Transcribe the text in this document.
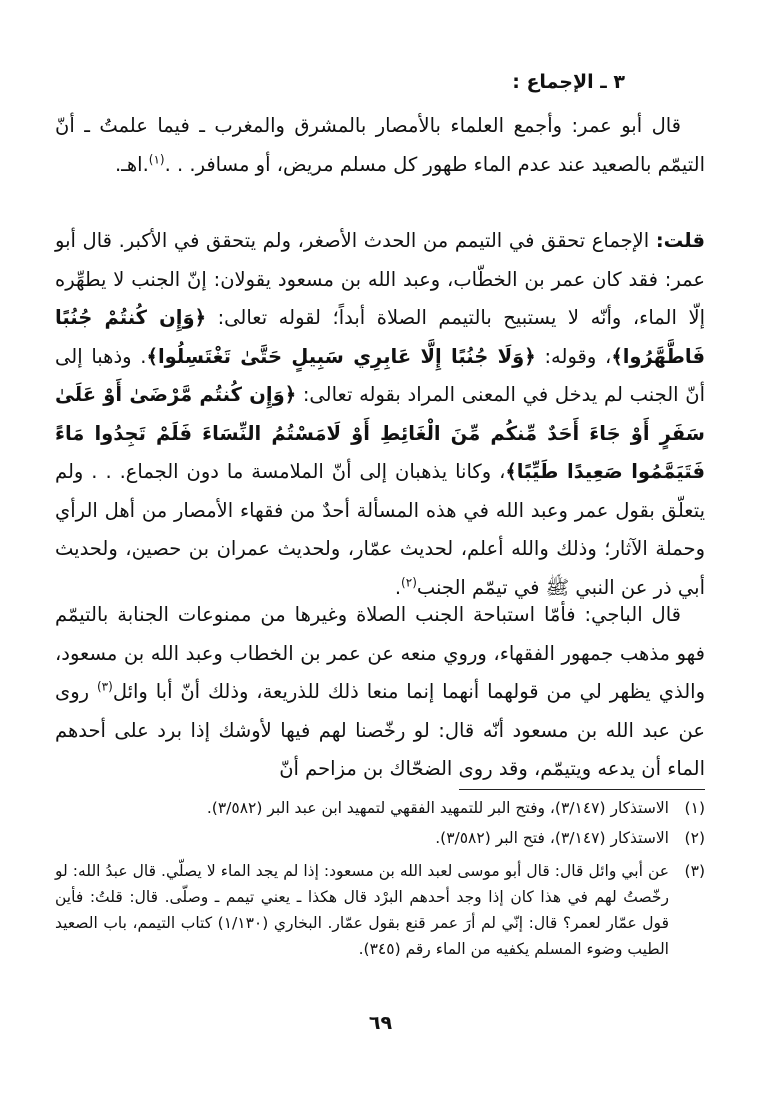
٣ ـ الإجماع :

قال أبو عمر: وأجمع العلماء بالأمصار بالمشرق والمغرب ـ فيما علمتُ ـ أنّ التيمّم بالصعيد عند عدم الماء طهور كل مسلم مريض، أو مسافر. . .$^{(١)}$.اهـ.

قلت: الإجماع تحقق في التيمم من الحدث الأصغر، ولم يتحقق في الأكبر. قال أبو عمر: فقد كان عمر بن الخطّاب، وعبد الله بن مسعود يقولان: إنّ الجنب لا يطهِّره إلّا الماء، وأنّه لا يستبيح بالتيمم الصلاة أبداً؛ لقوله تعالى: ﴿وَإِن كُنتُمْ جُنُبًا فَاطَّهَّرُوا﴾، وقوله: ﴿وَلَا جُنُبًا إِلَّا عَابِرِي سَبِيلٍ حَتَّىٰ تَغْتَسِلُوا﴾. وذهبا إلى أنّ الجنب لم يدخل في المعنى المراد بقوله تعالى: ﴿وَإِن كُنتُم مَّرْضَىٰ أَوْ عَلَىٰ سَفَرٍ أَوْ جَاءَ أَحَدٌ مِّنكُم مِّنَ الْغَائِطِ أَوْ لَامَسْتُمُ النِّسَاءَ فَلَمْ تَجِدُوا مَاءً فَتَيَمَّمُوا صَعِيدًا طَيِّبًا﴾، وكانا يذهبان إلى أنّ الملامسة ما دون الجماع. . . ولم يتعلّق بقول عمر وعبد الله في هذه المسألة أحدٌ من فقهاء الأمصار من أهل الرأي وحملة الآثار؛ وذلك والله أعلم، لحديث عمّار، ولحديث عمران بن حصين، ولحديث أبي ذر عن النبي ﷺ في تيمّم الجنب$^{(٢)}$.

قال الباجي: فأمّا استباحة الجنب الصلاة وغيرها من ممنوعات الجنابة بالتيمّم فهو مذهب جمهور الفقهاء، وروي منعه عن عمر بن الخطاب وعبد الله بن مسعود، والذي يظهر لي من قولهما أنهما إنما منعا ذلك للذريعة، وذلك أنّ أبا وائل$^{(٣)}$ روى عن عبد الله بن مسعود أنّه قال: لو رخّصنا لهم فيها لأوشك إذا برد على أحدهم الماء أن يدعه ويتيمّم، وقد روى الضحّاك بن مزاحم أنّ

(١)
الاستذكار (٣/١٤٧)، وفتح البر للتمهيد الفقهي لتمهيد ابن عبد البر (٣/٥٨٢).
(٢)
الاستذكار (٣/١٤٧)، فتح البر (٣/٥٨٢).
(٣)
عن أبي وائل قال: قال أبو موسى لعبد الله بن مسعود: إذا لم يجد الماء لا يصلّي. قال عبدُ الله: لو رخّصتُ لهم في هذا كان إذا وجد أحدهم البرْد قال هكذا ـ يعني تيمم ـ وصلّى. قال: قلتُ: فأين قول عمّار لعمر؟ قال: إنّي لم أرَ عمر قنع بقول عمّار. البخاري (١/١٣٠) كتاب التيمم، باب الصعيد الطيب وضوء المسلم يكفيه من الماء رقم (٣٤٥).
٦٩
